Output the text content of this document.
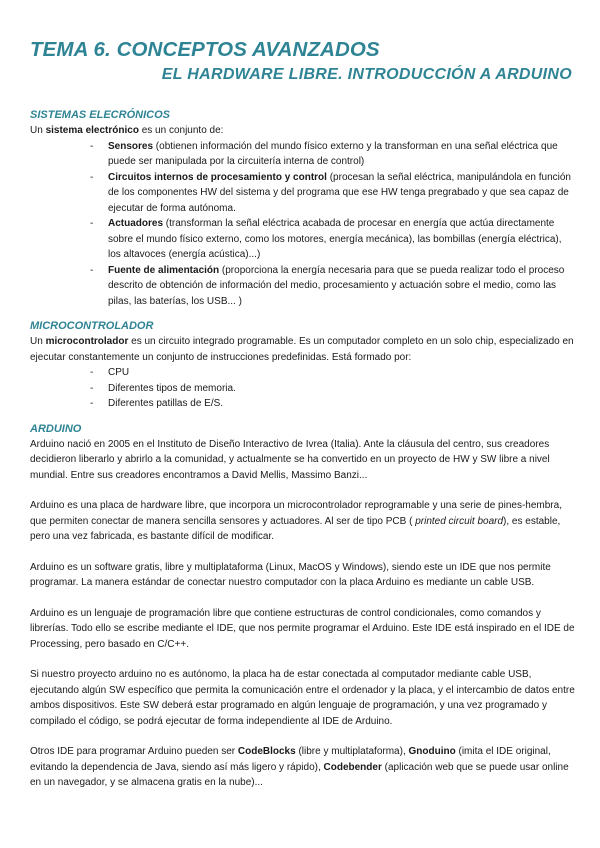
TEMA 6. CONCEPTOS AVANZADOS
EL HARDWARE LIBRE. INTRODUCCIÓN A ARDUINO
SISTEMAS ELECRÓNICOS

Un sistema electrónico es un conjunto de:

- Sensores (obtienen información del mundo físico externo y la transforman en una señal eléctrica que puede ser manipulada por la circuitería interna de control)
- Circuitos internos de procesamiento y control (procesan la señal eléctrica, manipulándola en función de los componentes HW del sistema y del programa que ese HW tenga pregrabado y que sea capaz de ejecutar de forma autónoma.
- Actuadores (transforman la señal eléctrica acabada de procesar en energía que actúa directamente sobre el mundo físico externo, como los motores, energía mecánica), las bombillas (energía eléctrica), los altavoces (energía acústica)...)
- Fuente de alimentación (proporciona la energía necesaria para que se pueda realizar todo el proceso descrito de obtención de información del medio, procesamiento y actuación sobre el medio, como las pilas, las baterías, los USB... )
MICROCONTROLADOR

Un microcontrolador es un circuito integrado programable. Es un computador completo en un solo chip, especializado en ejecutar constantemente un conjunto de instrucciones predefinidas. Está formado por:

- CPU
- Diferentes tipos de memoria.
- Diferentes patillas de E/S.
ARDUINO

Arduino nació en 2005 en el Instituto de Diseño Interactivo de Ivrea (Italia). Ante la cláusula del centro, sus creadores decidieron liberarlo y abrirlo a la comunidad, y actualmente se ha convertido en un proyecto de HW y SW libre a nivel mundial. Entre sus creadores encontramos a David Mellis, Massimo Banzi...

Arduino es una placa de hardware libre, que incorpora un microcontrolador reprogramable y una serie de pines-hembra, que permiten conectar de manera sencilla sensores y actuadores. Al ser de tipo PCB ( printed circuit board), es estable, pero una vez fabricada, es bastante difícil de modificar.

Arduino es un software gratis, libre y multiplataforma (Linux, MacOS y Windows), siendo este un IDE que nos permite programar. La manera estándar de conectar nuestro computador con la placa Arduino es mediante un cable USB.

Arduino es un lenguaje de programación libre que contiene estructuras de control condicionales, como comandos y librerías. Todo ello se escribe mediante el IDE, que nos permite programar el Arduino. Este IDE está inspirado en el IDE de Processing, pero basado en C/C++.

Si nuestro proyecto arduino no es autónomo, la placa ha de estar conectada al computador mediante cable USB, ejecutando algún SW específico que permita la comunicación entre el ordenador y la placa, y el intercambio de datos entre ambos dispositivos. Este SW deberá estar programado en algún lenguaje de programación, y una vez programado y compilado el código, se podrá ejecutar de forma independiente al IDE de Arduino.

Otros IDE para programar Arduino pueden ser CodeBlocks (libre y multiplataforma), Gnoduino (imita el IDE original, evitando la dependencia de Java, siendo así más ligero y rápido), Codebender (aplicación web que se puede usar online en un navegador, y se almacena gratis en la nube)...
